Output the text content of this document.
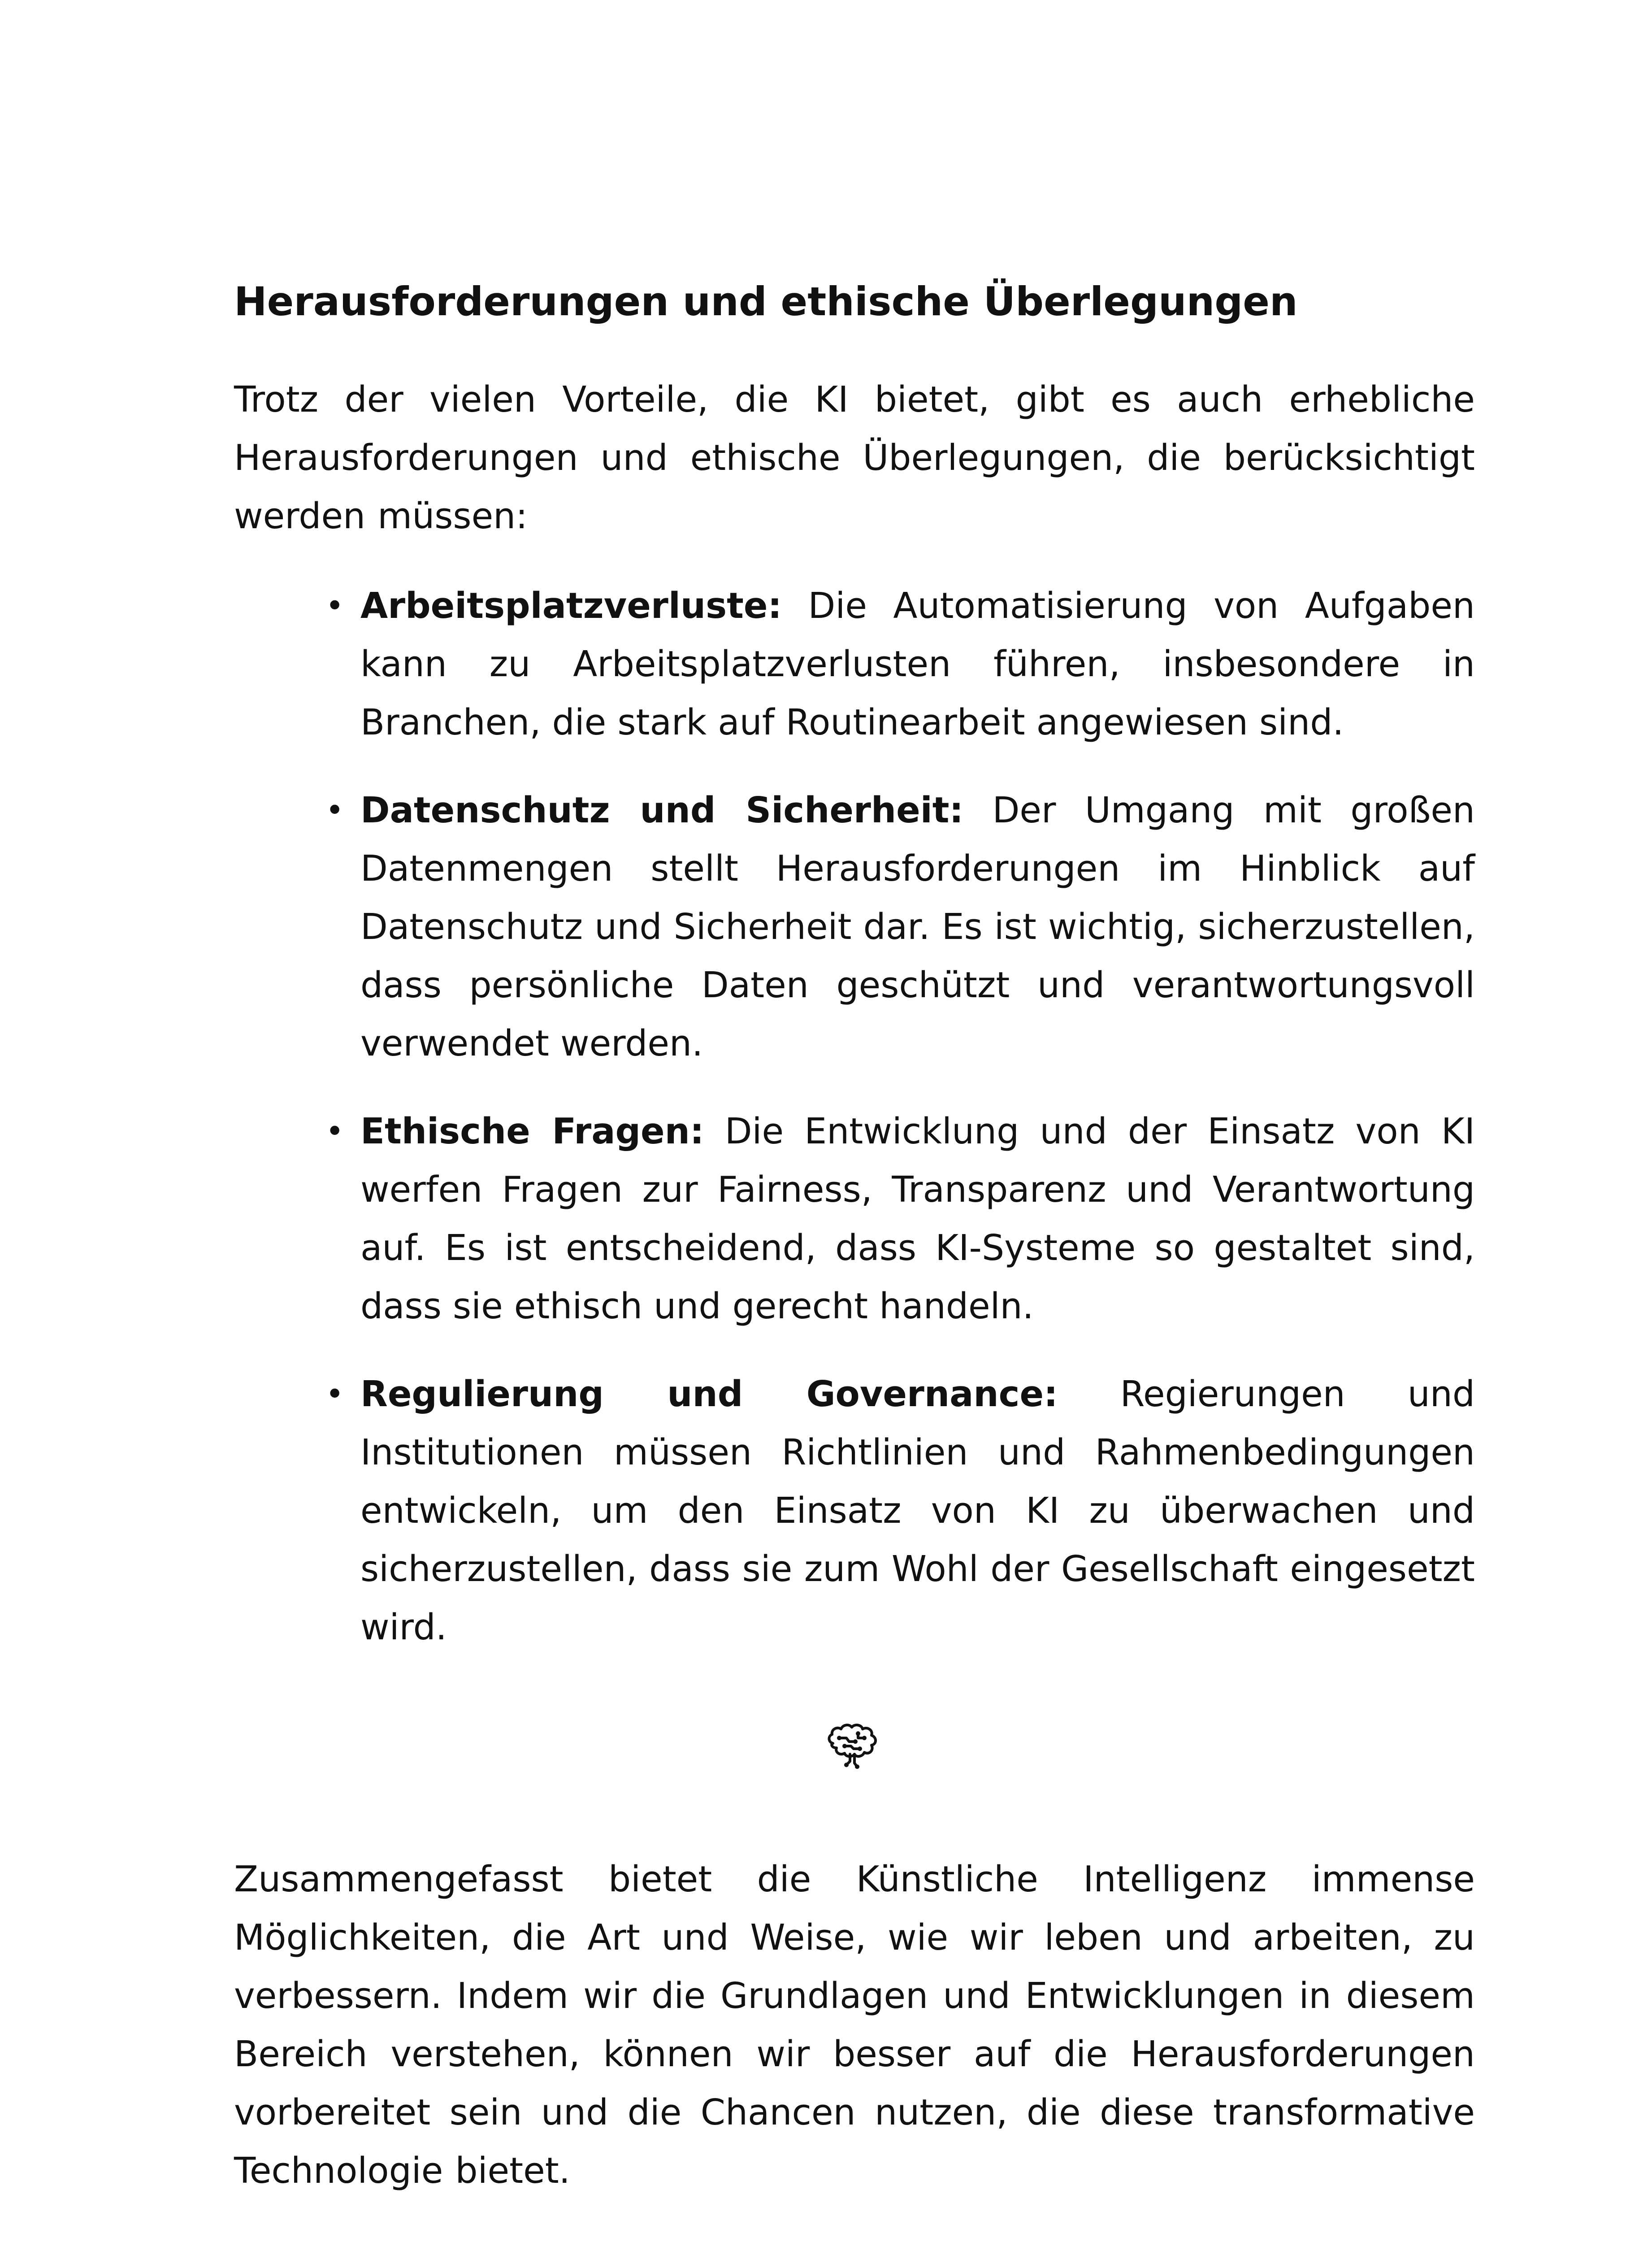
Herausforderungen und ethische Überlegungen

Trotz der vielen Vorteile, die KI bietet, gibt es auch erhebliche Herausforderungen und ethische Überlegungen, die berücksichtigt werden müssen:

• Arbeitsplatzverluste: Die Automatisierung von Aufgaben kann zu Arbeitsplatzverlusten führen, insbesondere in Branchen, die stark auf Routinearbeit angewiesen sind.
• Datenschutz und Sicherheit: Der Umgang mit großen Datenmengen stellt Herausforderungen im Hinblick auf Datenschutz und Sicherheit dar. Es ist wichtig, sicherzustellen, dass persönliche Daten geschützt und verantwortungsvoll verwendet werden.
• Ethische Fragen: Die Entwicklung und der Einsatz von KI werfen Fragen zur Fairness, Transparenz und Verantwortung auf. Es ist entscheidend, dass KI-Systeme so gestaltet sind, dass sie ethisch und gerecht handeln.
• Regulierung und Governance: Regierungen und Institutionen müssen Richtlinien und Rahmenbedingungen entwickeln, um den Einsatz von KI zu überwachen und sicherzustellen, dass sie zum Wohl der Gesellschaft eingesetzt wird.

Zusammengefasst bietet die Künstliche Intelligenz immense Möglichkeiten, die Art und Weise, wie wir leben und arbeiten, zu verbessern. Indem wir die Grundlagen und Entwicklungen in diesem Bereich verstehen, können wir besser auf die Herausforderungen vorbereitet sein und die Chancen nutzen, die diese transformative Technologie bietet.
